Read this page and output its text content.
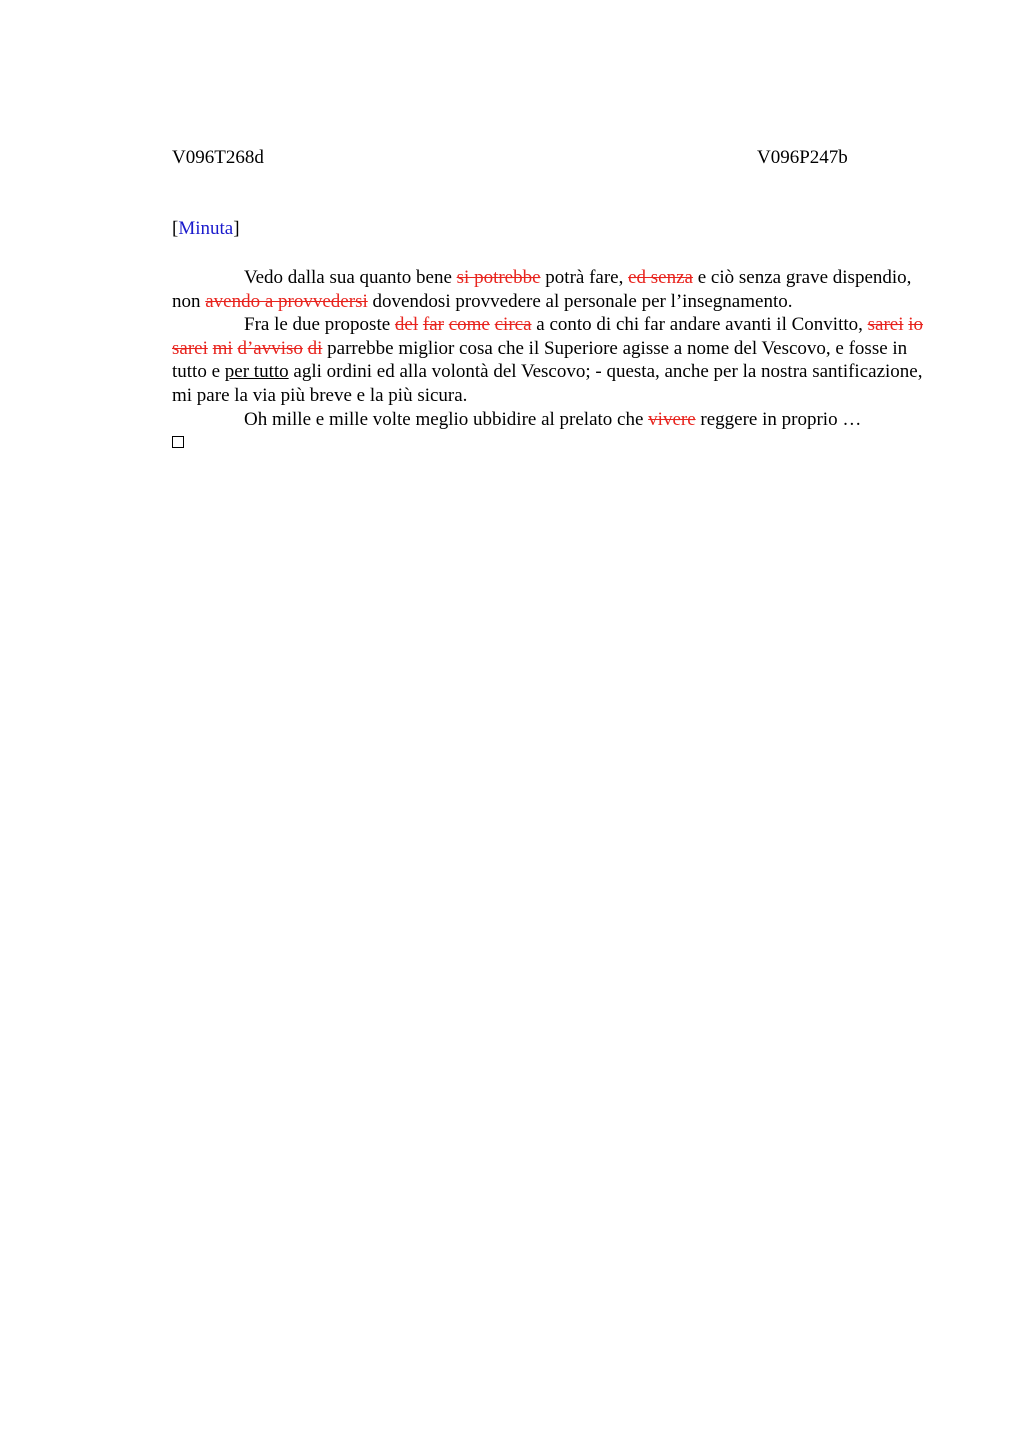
V096T268d	V096P247b
[Minuta]

Vedo dalla sua quanto bene si potrebbe potrà fare, ed senza e ciò senza grave dispendio, non avendo a provvedersi dovendosi provvedere al personale per l’insegnamento.

Fra le due proposte del far come circa a conto di chi far andare avanti il Convitto, sarei io sarei mi d’avviso di parrebbe miglior cosa che il Superiore agisse a nome del Vescovo, e fosse in tutto e per tutto agli ordini ed alla volontà del Vescovo; - questa, anche per la nostra santificazione, mi pare la via più breve e la più sicura.

Oh mille e mille volte meglio ubbidire al prelato che vivere reggere in proprio …
